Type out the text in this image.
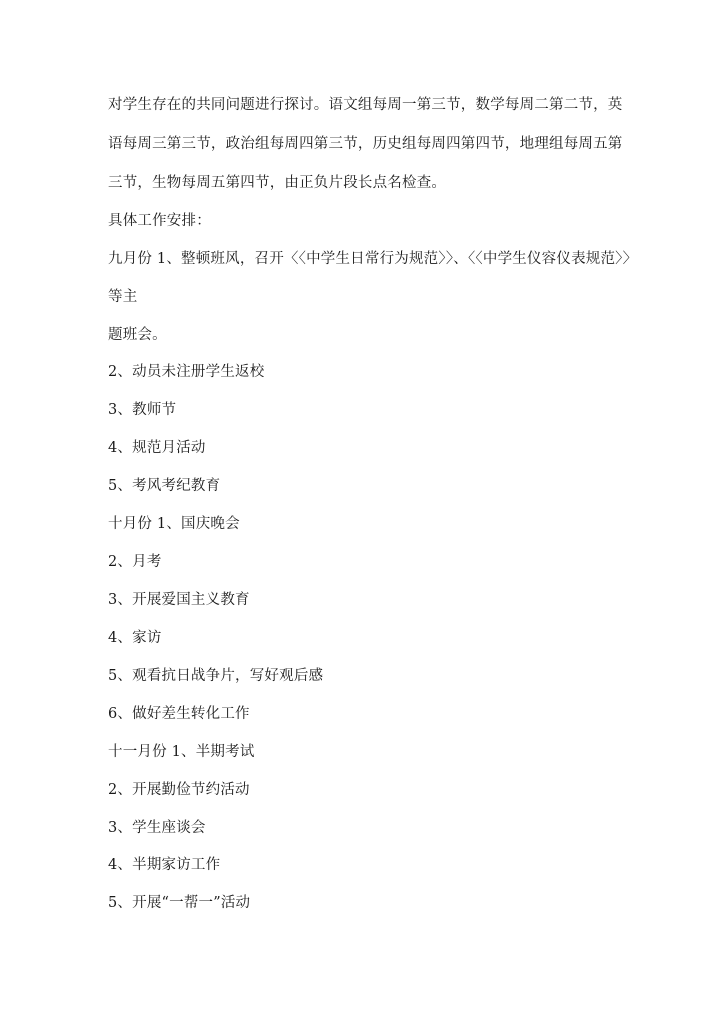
对学生存在的共同问题进行探讨。语文组每周一第三节，数学每周二第二节，英
语每周三第三节，政治组每周四第三节，历史组每周四第四节，地理组每周五第
三节，生物每周五第四节，由正负片段长点名检查。
具体工作安排：
九月份 1、整顿班风，召开〈〈中学生日常行为规范〉〉、〈〈中学生仪容仪表规范〉〉
等主
题班会。
2、动员未注册学生返校
3、教师节
4、规范月活动
5、考风考纪教育
十月份 1、国庆晚会
2、月考
3、开展爱国主义教育
4、家访
5、观看抗日战争片，写好观后感
6、做好差生转化工作
十一月份 1、半期考试
2、开展勤俭节约活动
3、学生座谈会
4、半期家访工作
5、开展“一帮一”活动
